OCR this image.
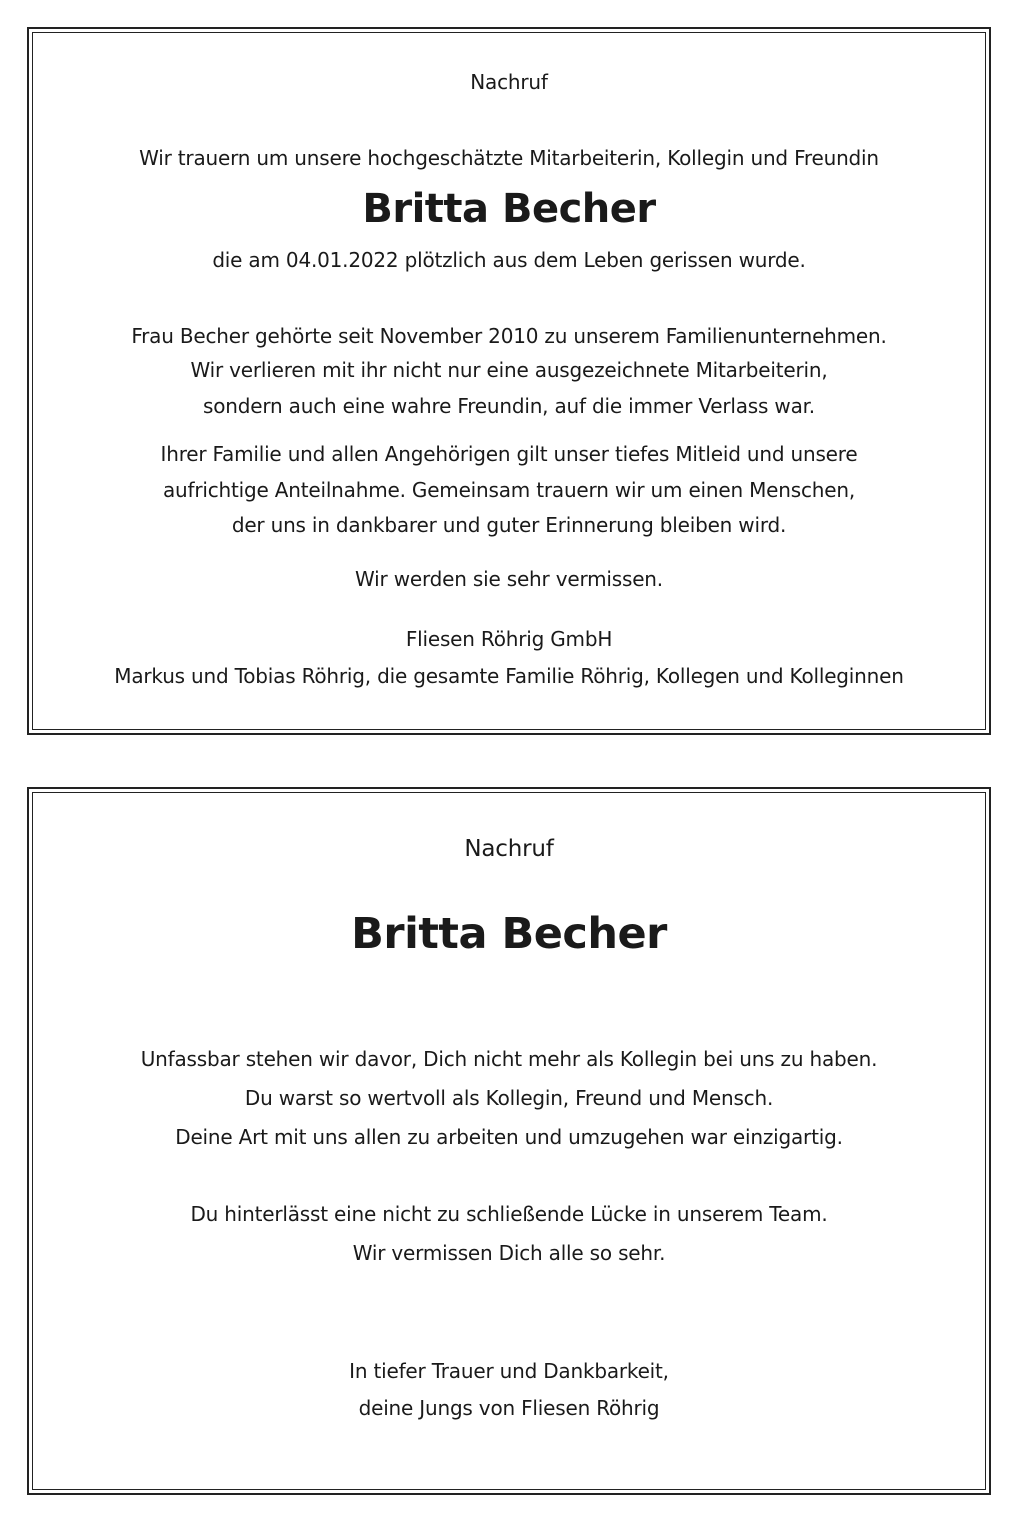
Nachruf
Wir trauern um unsere hochgeschätzte Mitarbeiterin, Kollegin und Freundin
Britta Becher
die am 04.01.2022 plötzlich aus dem Leben gerissen wurde.
Frau Becher gehörte seit November 2010 zu unserem Familienunternehmen.
Wir verlieren mit ihr nicht nur eine ausgezeichnete Mitarbeiterin,
sondern auch eine wahre Freundin, auf die immer Verlass war.
Ihrer Familie und allen Angehörigen gilt unser tiefes Mitleid und unsere
aufrichtige Anteilnahme. Gemeinsam trauern wir um einen Menschen,
der uns in dankbarer und guter Erinnerung bleiben wird.
Wir werden sie sehr vermissen.
Fliesen Röhrig GmbH
Markus und Tobias Röhrig, die gesamte Familie Röhrig, Kollegen und Kolleginnen
Nachruf
Britta Becher
Unfassbar stehen wir davor, Dich nicht mehr als Kollegin bei uns zu haben.
Du warst so wertvoll als Kollegin, Freund und Mensch.
Deine Art mit uns allen zu arbeiten und umzugehen war einzigartig.
Du hinterlässt eine nicht zu schließende Lücke in unserem Team.
Wir vermissen Dich alle so sehr.
In tiefer Trauer und Dankbarkeit,
deine Jungs von Fliesen Röhrig
